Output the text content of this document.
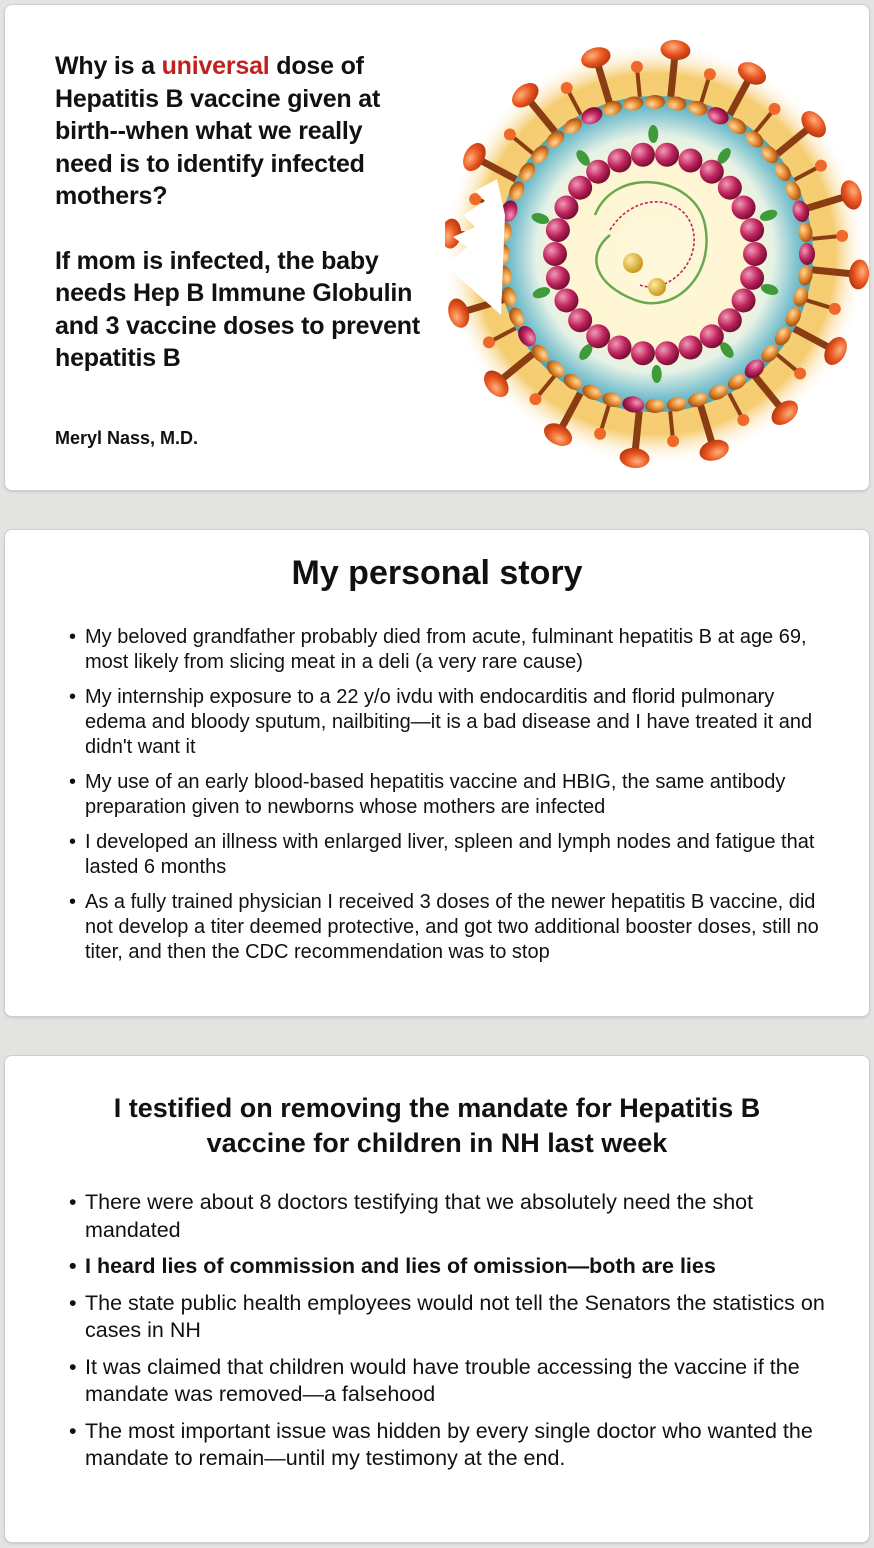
Why is a universal dose of Hepatitis B vaccine given at birth--when what we really need is to identify infected mothers?

If mom is infected, the baby needs Hep B Immune Globulin and 3 vaccine doses to prevent hepatitis B

Meryl Nass, M.D.

My personal story
• My beloved grandfather probably died from acute, fulminant hepatitis B at age 69, most likely from slicing meat in a deli (a very rare cause)
• My internship exposure to a 22 y/o ivdu with endocarditis and florid pulmonary edema and bloody sputum, nailbiting—it is a bad disease and I have treated it and didn't want it
• My use of an early blood-based hepatitis vaccine and HBIG, the same antibody preparation given to newborns whose mothers are infected
• I developed an illness with enlarged liver, spleen and lymph nodes and fatigue that lasted 6 months
• As a fully trained physician I received 3 doses of the newer hepatitis B vaccine, did not develop a titer deemed protective, and got two additional booster doses, still no titer, and then the CDC recommendation was to stop
I testified on removing the mandate for Hepatitis B vaccine for children in NH last week
• There were about 8 doctors testifying that we absolutely need the shot mandated
• I heard lies of commission and lies of omission—both are lies
• The state public health employees would not tell the Senators the statistics on cases in NH
• It was claimed that children would have trouble accessing the vaccine if the mandate was removed—a falsehood
• The most important issue was hidden by every single doctor who wanted the mandate to remain—until my testimony at the end.
